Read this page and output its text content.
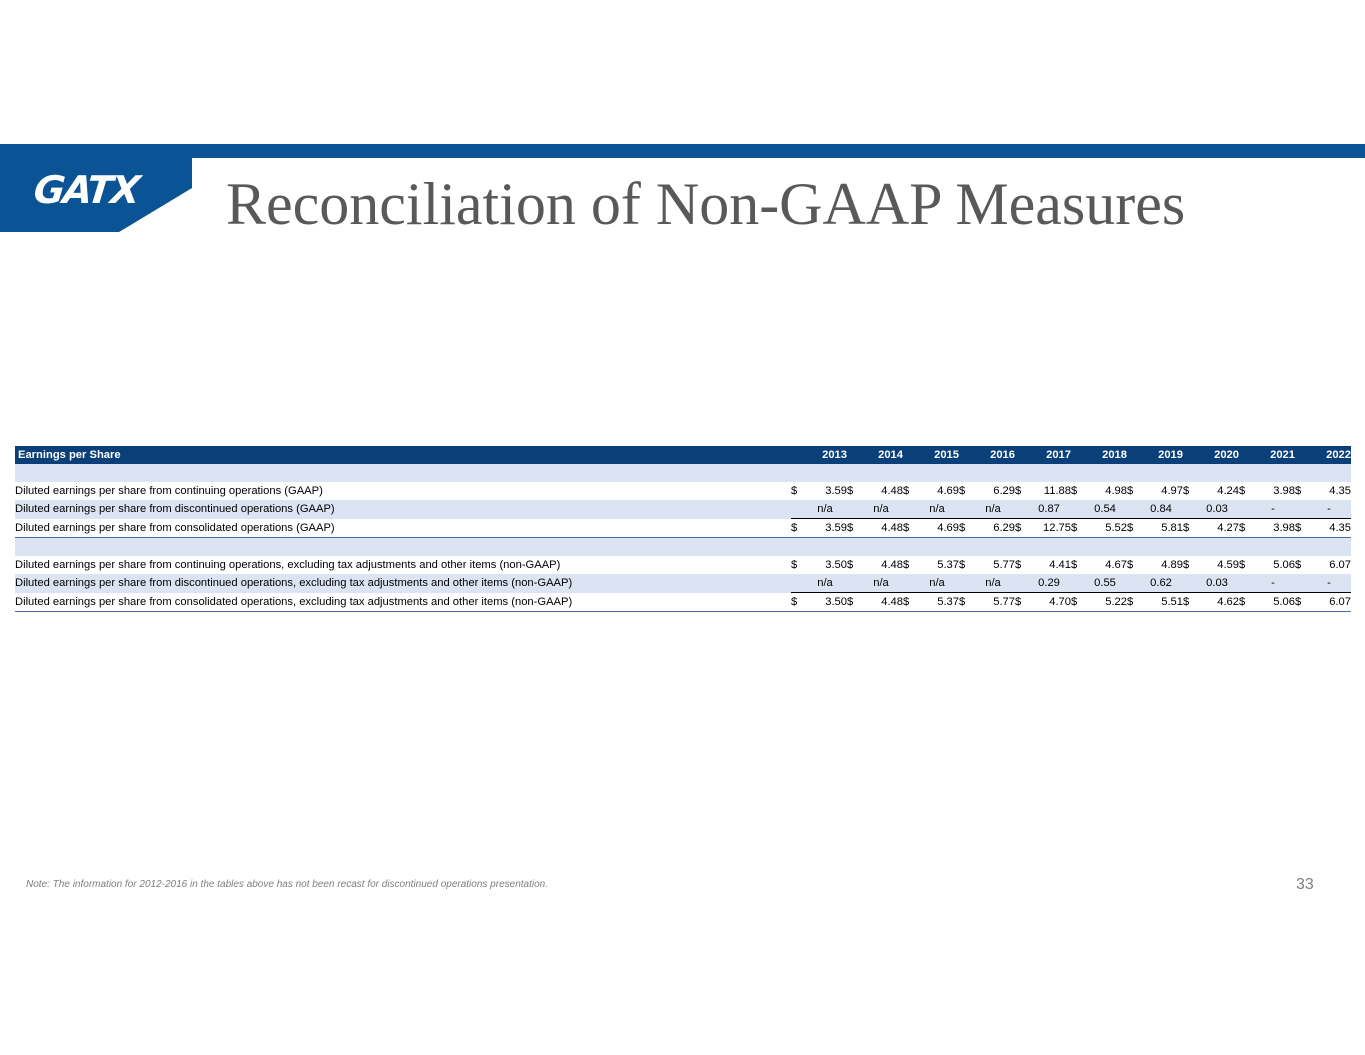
GATX Reconciliation of Non-GAAP Measures
Earnings per Share	2013		2014		2015		2016		2017		2018		2019		2020		2021		2022	

Diluted earnings per share from continuing operations (GAAP)	$	3.59	$	4.48	$	4.69	$	6.29	$	11.88	$	4.98	$	4.97	$	4.24	$	3.98	$	4.35
Diluted earnings per share from discontinued operations (GAAP)		n/a		n/a		n/a		n/a		0.87		0.54		0.84		0.03		-		-
Diluted earnings per share from consolidated operations (GAAP)	$	3.59	$	4.48	$	4.69	$	6.29	$	12.75	$	5.52	$	5.81	$	4.27	$	3.98	$	4.35

Diluted earnings per share from continuing operations, excluding tax adjustments and other items (non-GAAP)	$	3.50	$	4.48	$	5.37	$	5.77	$	4.41	$	4.67	$	4.89	$	4.59	$	5.06	$	6.07
Diluted earnings per share from discontinued operations, excluding tax adjustments and other items (non-GAAP)		n/a		n/a		n/a		n/a		0.29		0.55		0.62		0.03		-		-
Diluted earnings per share from consolidated operations, excluding tax adjustments and other items (non-GAAP)	$	3.50	$	4.48	$	5.37	$	5.77	$	4.70	$	5.22	$	5.51	$	4.62	$	5.06	$	6.07
Note: The information for 2012-2016 in the tables above has not been recast for discontinued operations presentation.	33
